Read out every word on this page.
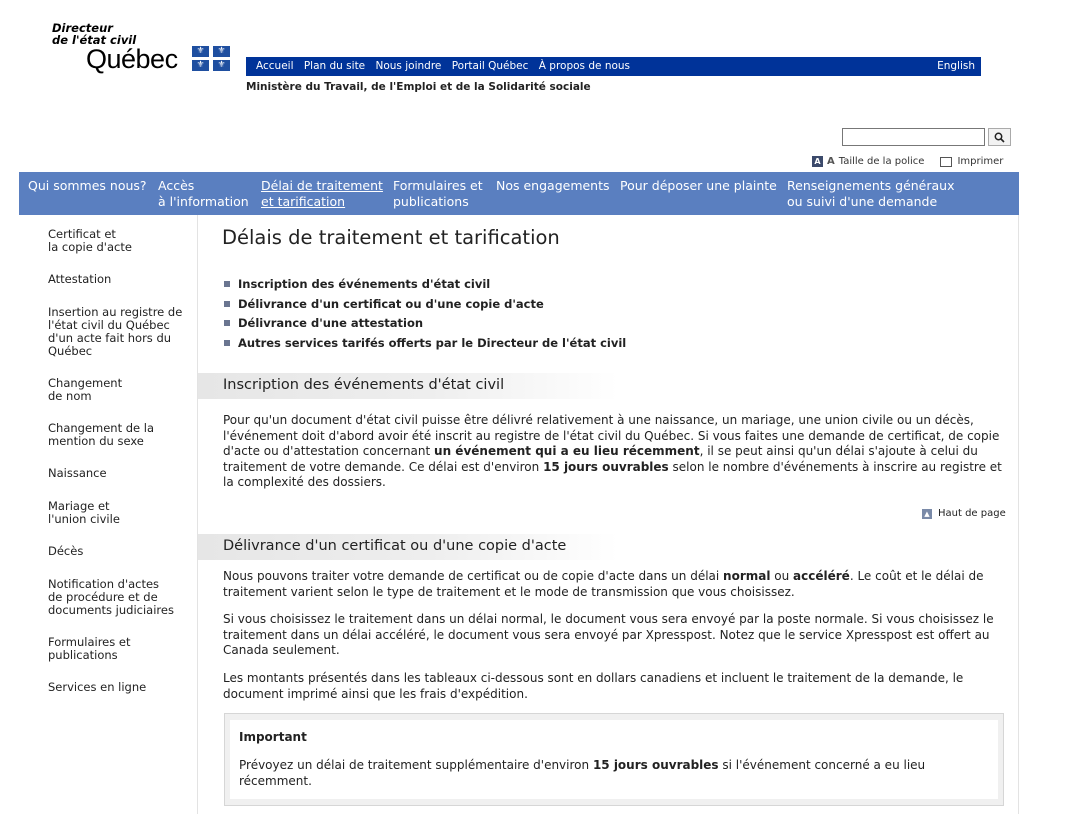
Directeur
de l'état civil
Québec	⚜	⚜
⚜	⚜	Accueil Plan du site Nous joindre Portail Québec À propos de nous	English
Ministère du Travail, de l'Emploi et de la Solidarité sociale
A A Taille de la police	Imprimer
Qui sommes nous? Accès
à l'information
Délai de traitement
et tarification
Formulaires et
publications
Nos engagements Pour déposer une plainte Renseignements généraux
ou suivi d'une demande
Certificat et
la copie d'acte
Attestation
Insertion au registre de
l'état civil du Québec
d'un acte fait hors du
Québec
Changement
de nom
Changement de la
mention du sexe
Naissance
Mariage et
l'union civile
Décès
Notification d'actes
de procédure et de
documents judiciaires
Formulaires et
publications
Services en ligne
Délais de traitement et tarification
Inscription des événements d'état civil
Délivrance d'un certificat ou d'une copie d'acte
Délivrance d'une attestation
Autres services tarifés offerts par le Directeur de l'état civil
Inscription des événements d'état civil
Pour qu'un document d'état civil puisse être délivré relativement à une naissance, un mariage, une union civile ou un décès, l'événement doit d'abord avoir été inscrit au registre de l'état civil du Québec. Si vous faites une demande de certificat, de copie d'acte ou d'attestation concernant un événement qui a eu lieu récemment, il se peut ainsi qu'un délai s'ajoute à celui du traitement de votre demande. Ce délai est d'environ 15 jours ouvrables selon le nombre d'événements à inscrire au registre et la complexité des dossiers.
▲ Haut de page
Délivrance d'un certificat ou d'une copie d'acte
Nous pouvons traiter votre demande de certificat ou de copie d'acte dans un délai normal ou accéléré. Le coût et le délai de traitement varient selon le type de traitement et le mode de transmission que vous choisissez.
Si vous choisissez le traitement dans un délai normal, le document vous sera envoyé par la poste normale. Si vous choisissez le traitement dans un délai accéléré, le document vous sera envoyé par Xpresspost. Notez que le service Xpresspost est offert au Canada seulement.
Les montants présentés dans les tableaux ci-dessous sont en dollars canadiens et incluent le traitement de la demande, le document imprimé ainsi que les frais d'expédition.
Important
Prévoyez un délai de traitement supplémentaire d'environ 15 jours ouvrables si l'événement concerné a eu lieu récemment.
